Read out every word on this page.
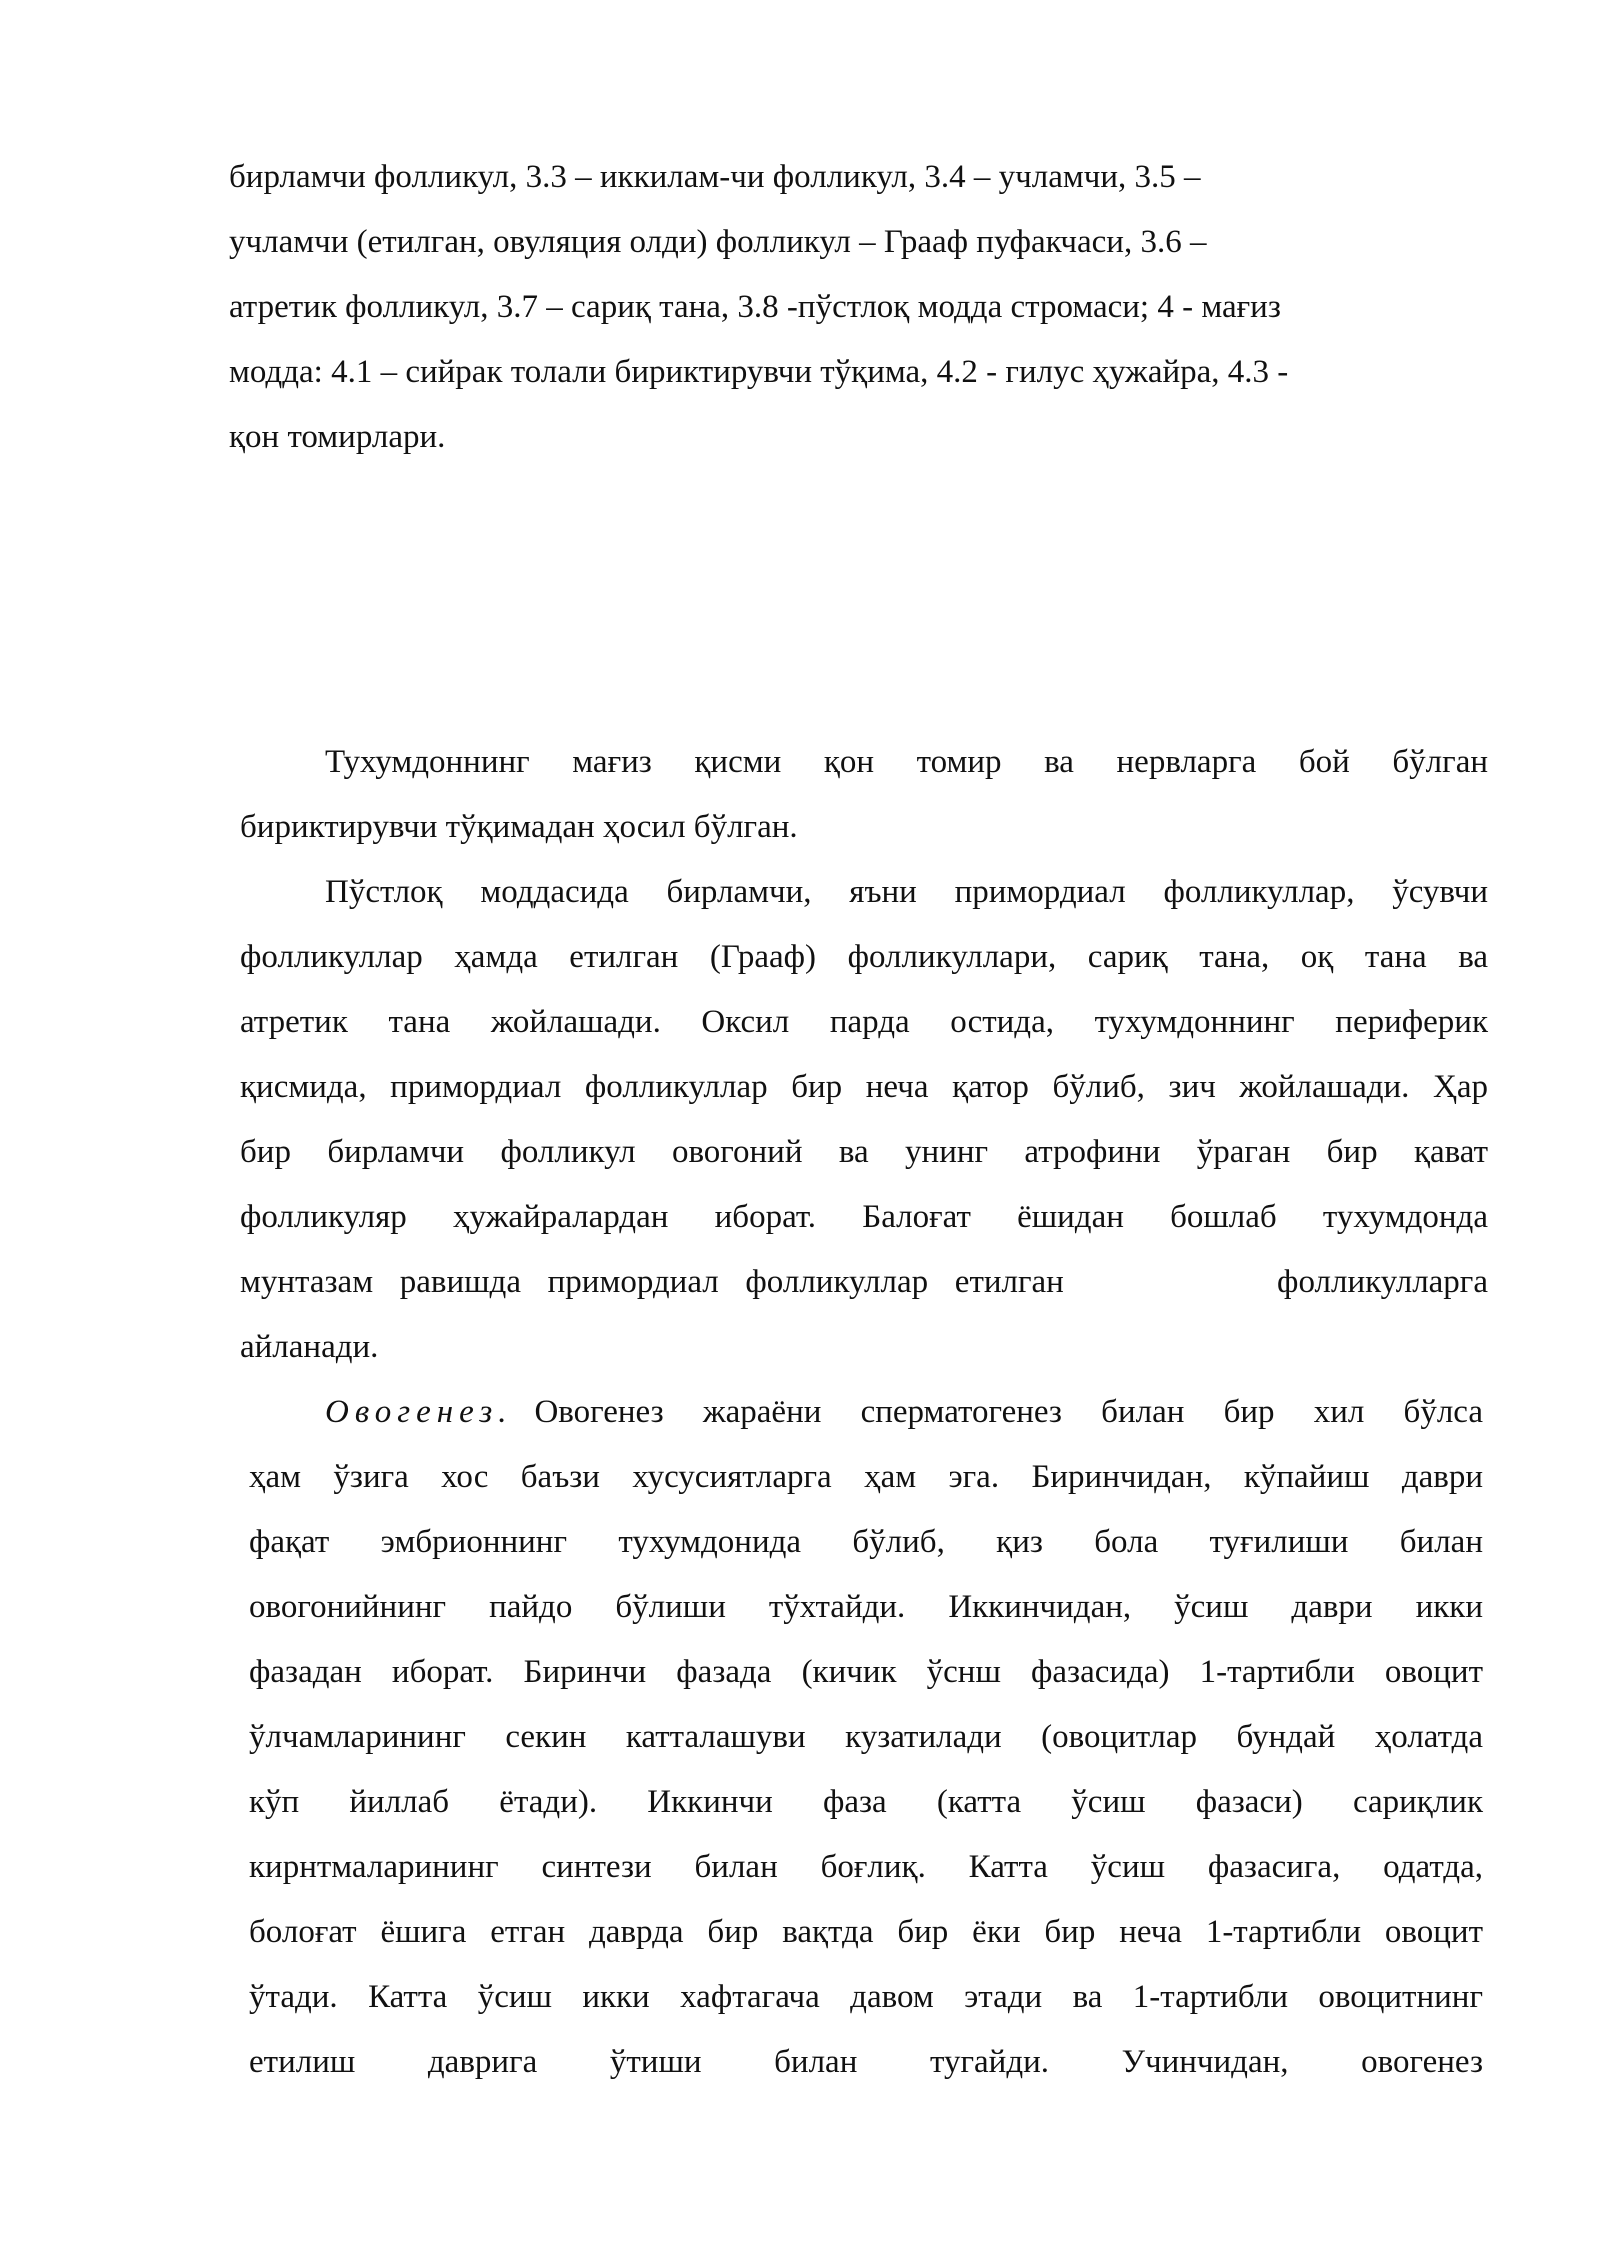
бирламчи фолликул, 3.3 – иккилам-чи фолликул, 3.4 – учламчи, 3.5 –

учламчи (етилган, овуляция олди) фолликул – Грааф пуфакчаси, 3.6 –

атретик фолликул, 3.7 – сариқ тана, 3.8 -пўстлоқ модда стромаси; 4 - мағиз

модда: 4.1 – сийрак толали бириктирувчи тўқима, 4.2 - гилус ҳужайра, 4.3 -

қон томирлари.

Тухумдоннинг мағиз қисми қон томир ва нервларга бой бўлган

бириктирувчи тўқимадан ҳосил бўлган.

Пўстлоқ моддасида бирламчи, яъни примордиал фолликуллар, ўсувчи

фолликуллар ҳамда етилган (Грааф) фолликуллари, сариқ тана, оқ тана ва

атретик тана жойлашади. Оксил парда остида, тухумдоннинг периферик

қисмида, примордиал фолликуллар бир неча қатор бўлиб, зич жойлашади. Ҳар

бир бирламчи фолликул овогоний ва унинг атрофини ўраган бир қават

фолликуляр ҳужайралардан иборат. Балоғат ёшидан бошлаб тухумдонда

мунтазам равишда примордиал фолликуллар етилган        фолликулларга

айланади.

Овогенез. Овогенез жараёни сперматогенез билан бир хил бўлса

ҳам ўзига хос баъзи хусусиятларга ҳам эга. Биринчидан, кўпайиш даври

фақат эмбрионнинг тухумдонида бўлиб, қиз бола туғилиши билан

овогонийнинг пайдо бўлиши тўхтайди. Иккинчидан, ўсиш даври икки

фазадан иборат. Биринчи фазада (кичик ўснш фазасида) 1-тартибли овоцит

ўлчамларининг секин катталашуви кузатилади (овоцитлар бундай ҳолатда

кўп йиллаб ётади). Иккинчи фаза (катта ўсиш фазаси) сариқлик

кирнтмаларининг синтези билан боғлиқ. Катта ўсиш фазасига, одатда,

болоғат ёшига етган даврда бир вақтда бир ёки бир неча 1-тартибли овоцит

ўтади. Катта ўсиш икки хафтагача давом этади ва 1-тартибли овоцитнинг

етилиш даврига ўтиши билан тугайди. Учинчидан, овогенез
